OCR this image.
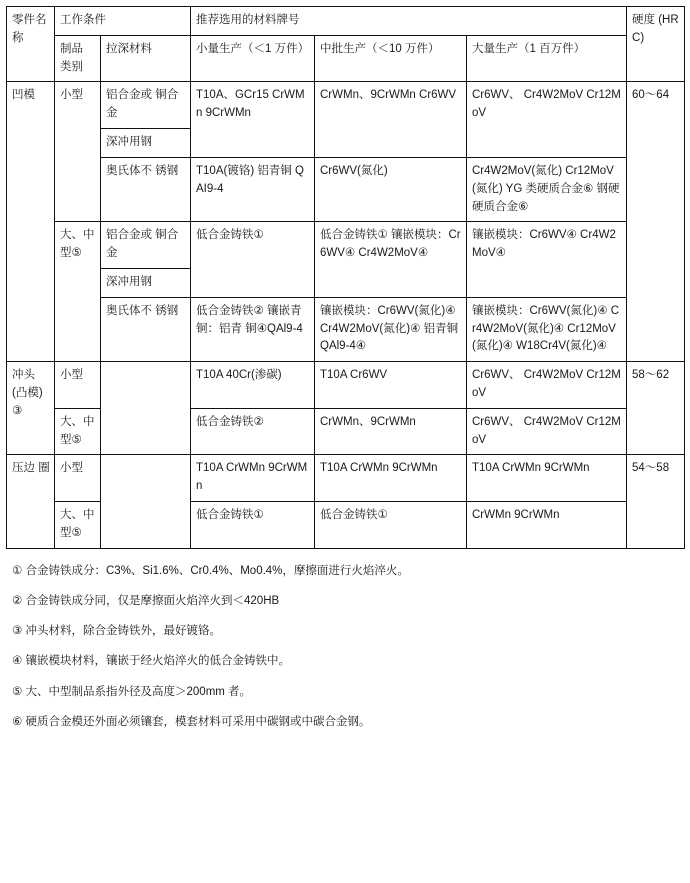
零件名 称	工作条件		推荐选用的材料牌号			硬度 (HRC)
	制品 类别	拉深材料	小量生产（＜1 万件）	中批生产（＜10 万件）	大量生产（1 百万件）	
凹模	小型	铝合金或 铜合 金	T10A、GCr15 CrWMn 9CrWMn	CrWMn、9CrWMn Cr6WV	Cr6WV、 Cr4W2MoV Cr12MoV	60～64
		深冲用钢				
		奥氏体不 锈钢	T10A(镀铬) 铝青铜 QAI9-4	Cr6WV(氮化)	Cr4W2MoV(氮化) Cr12MoV(氮化) YG 类硬质合金⑥ 钢硬硬质合金⑥	

	大、中型⑤	铝合金或 铜合 金	低合金铸铁①	低合金铸铁① 镶嵌模块：Cr6WV④ Cr4W2MoV④	镶嵌模块：Cr6WV④ Cr4W2MoV④	
		深冲用钢				
		奥氏体不 锈钢	低合金铸铁② 镶嵌青铜：铝青 铜④QAl9-4	镶嵌模块：Cr6WV(氮化)④ Cr4W2MoV(氮化)④ 铝青铜 QAl9-4④	镶嵌模块：Cr6WV(氮化)④ Cr4W2MoV(氮化)④ Cr12MoV(氮化)④ W18Cr4V(氮化)④	

冲头 (凸模)③	小型		T10A 40Cr(渗碳)	T10A Cr6WV	Cr6WV、 Cr4W2MoV Cr12MoV	58～62
	大、中 型⑤		低合金铸铁②	CrWMn、9CrWMn	Cr6WV、 Cr4W2MoV Cr12MoV	
压边 圈	小型		T10A CrWMn 9CrWMn	T10A CrWMn 9CrWMn	T10A CrWMn 9CrWMn	54～58
	大、中 型⑤		低合金铸铁①	低合金铸铁①	CrWMn 9CrWMn	
① 合金铸铁成分：C3%、Si1.6%、Cr0.4%、Mo0.4%，摩擦面进行火焰淬火。
② 合金铸铁成分同，仅是摩擦面火焰淬火到＜420HB
③ 冲头材料，除合金铸铁外，最好镀铬。
④ 镶嵌模块材料，镶嵌于经火焰淬火的低合金铸铁中。
⑤ 大、中型制品系指外径及高度＞200mm 者。
⑥ 硬质合金模还外面必须镶套，模套材料可采用中碳钢或中碳合金钢。
